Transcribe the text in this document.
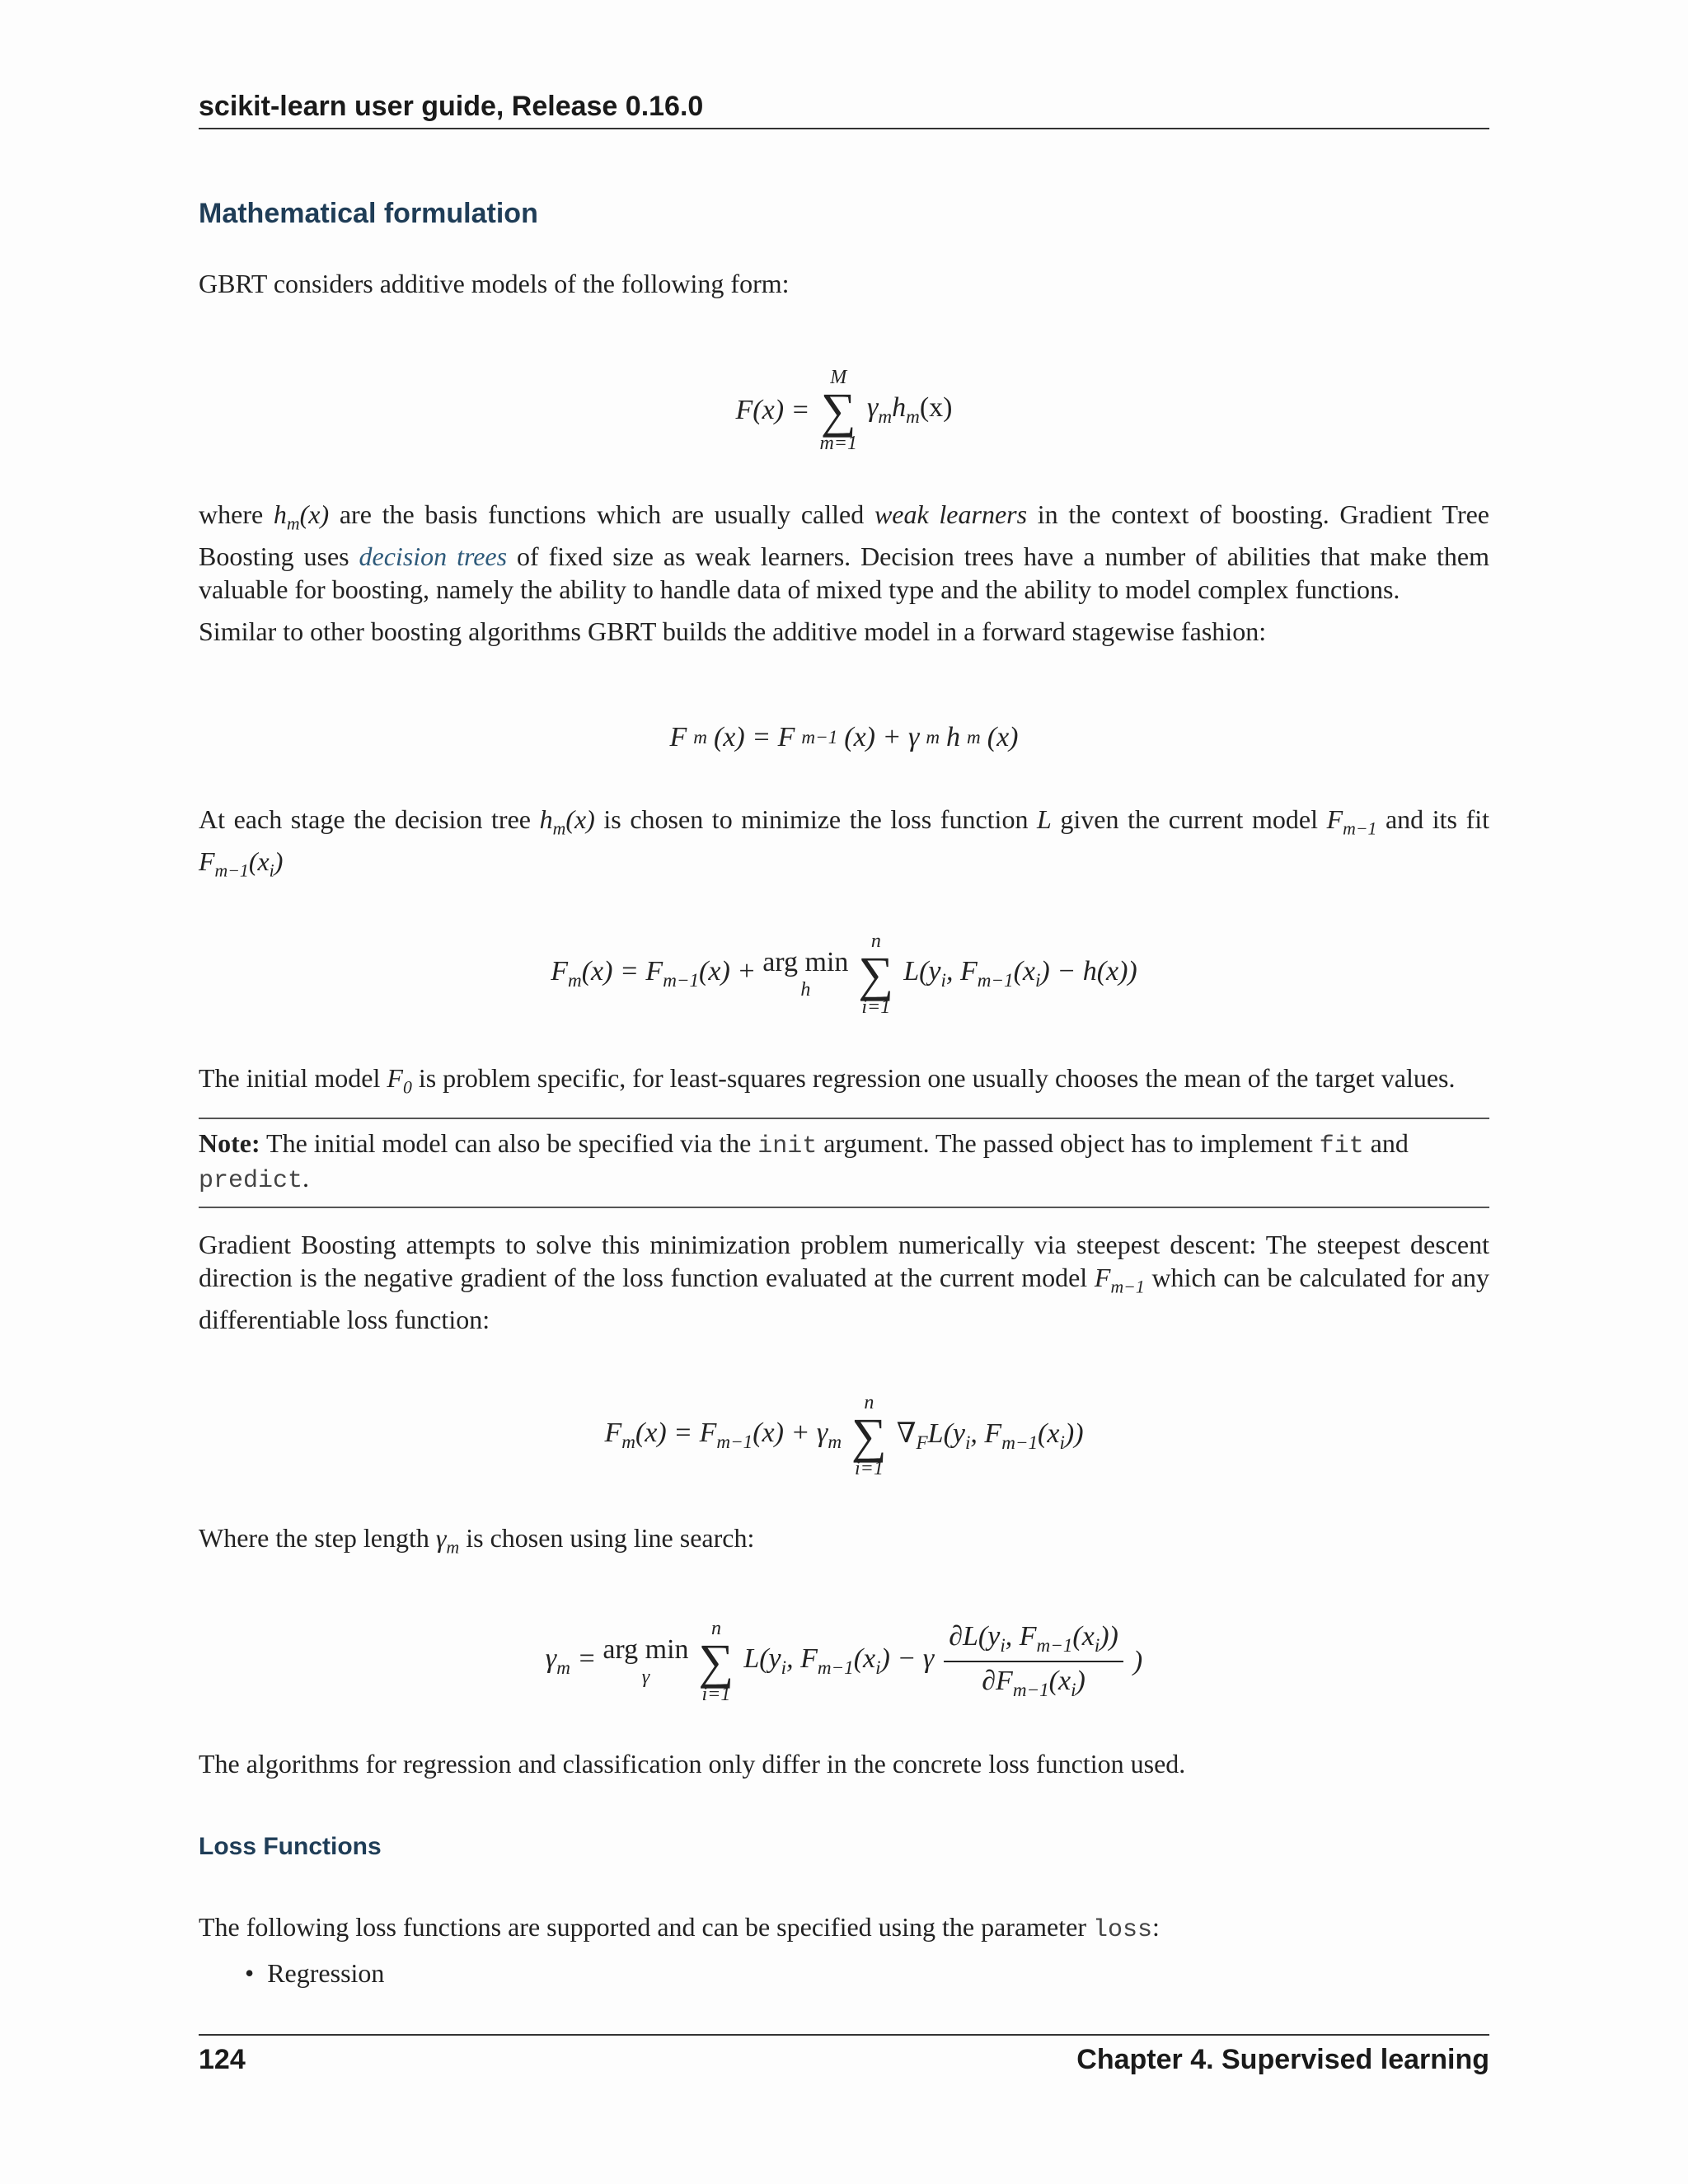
scikit-learn user guide, Release 0.16.0
Mathematical formulation
GBRT considers additive models of the following form:
F(x) =
M
∑
m=1
$\gamma_mh_m(x)$
where $h_m(x)$ are the basis functions which are usually called weak learners in the context of boosting. Gradient Tree Boosting uses decision trees of fixed size as weak learners. Decision trees have a number of abilities that make them valuable for boosting, namely the ability to handle data of mixed type and the ability to model complex functions.
Similar to other boosting algorithms GBRT builds the additive model in a forward stagewise fashion:
F m (x) = F m−1 (x) + γ m h m (x)
At each stage the decision tree $h_m(x)$ is chosen to minimize the loss function L given the current model $F_{m-1}$ and its fit $F_{m-1}(x_i)$
$F_m(x) = F_{m-1}(x)$ + arg min
h
n
∑
i=1
$L(y_i$, $F_{m-1}(x_i) - h(x)$)
The initial model $F_0$ is problem specific, for least-squares regression one usually chooses the mean of the target values.
Note: The initial model can also be specified via the init argument. The passed object has to implement fit and
predict.
Gradient Boosting attempts to solve this minimization problem numerically via steepest descent: The steepest descent direction is the negative gradient of the loss function evaluated at the current model $F_{m-1}$ which can be calculated for any differentiable loss function:
$F_m(x) = F_{m-1}(x) + \gamma_m$
n
∑
i=1
$\nabla_FL(y_i$, $F_{m-1}(x_i)$)
Where the step length $\gamma_m$ is chosen using line search:
$\gamma_m$ = arg min
γ
n
∑
i=1
$L(y_i$, $F_{m-1}(x_i) - \gamma \frac{\partial L(y_i, F_{m-1}(x_i))}{\partial F_{m-1}(x_i)}$ )
The algorithms for regression and classification only differ in the concrete loss function used.
Loss Functions
The following loss functions are supported and can be specified using the parameter loss:
• Regression
124	Chapter 4. Supervised learning
